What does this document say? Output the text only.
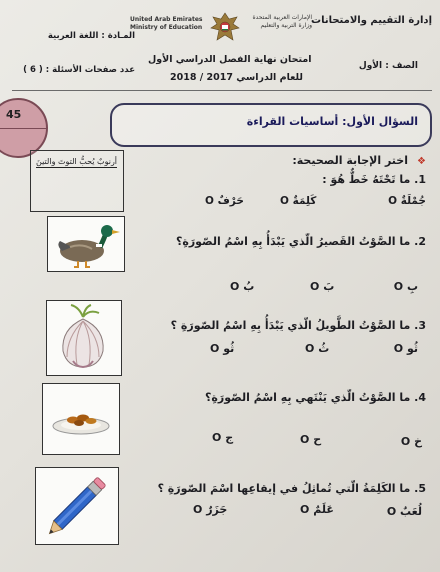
إدارة التقييم والامتحانات
المـادة : اللغة العربية
الصف : الأول
عدد صفحات الأسئلة : ( 6 )
امتحان نهاية الفصل الدراسي الأول
للعام الدراسي 2017 / 2018
United Arab Emirates
Ministry of Education
الإمارات العربية المتحدة
وزارة التربية والتعليم
45
السؤال الأول: أساسيات القراءة
❖
اختر الإجابة الصحيحة:
أرنوبٌ يُحبُّ التوتَ والتينَ
1. ما تَحْتَهُ خَطٌّ هُوَ :
جُمْلَةٌ O
كَلِمَةٌ O
حَرْفٌ O
2. ما الصَّوْتُ القَصيرُ الّذي يَبْدَأُ بِهِ اسْمُ الصّورَةِ؟
بِ O
بَ O
بُ O
3. ما الصَّوْتُ الطَّويلُ الّذي يَبْدَأُ بِهِ اسْمُ الصّورَةِ ؟
ثُو O
ثُ O
ثُو O
4. ما الصَّوْتُ الّذي يَنْتَهي بِهِ اسْمُ الصّورَةِ؟
خ O
ح O
ج O
5. ما الكَلِمَةُ الّتي تُماثِلُ في إيقاعِها اسْمَ الصّورَةِ ؟
لُعَبٌ O
عَلَمٌ O
جَزَرٌ O
